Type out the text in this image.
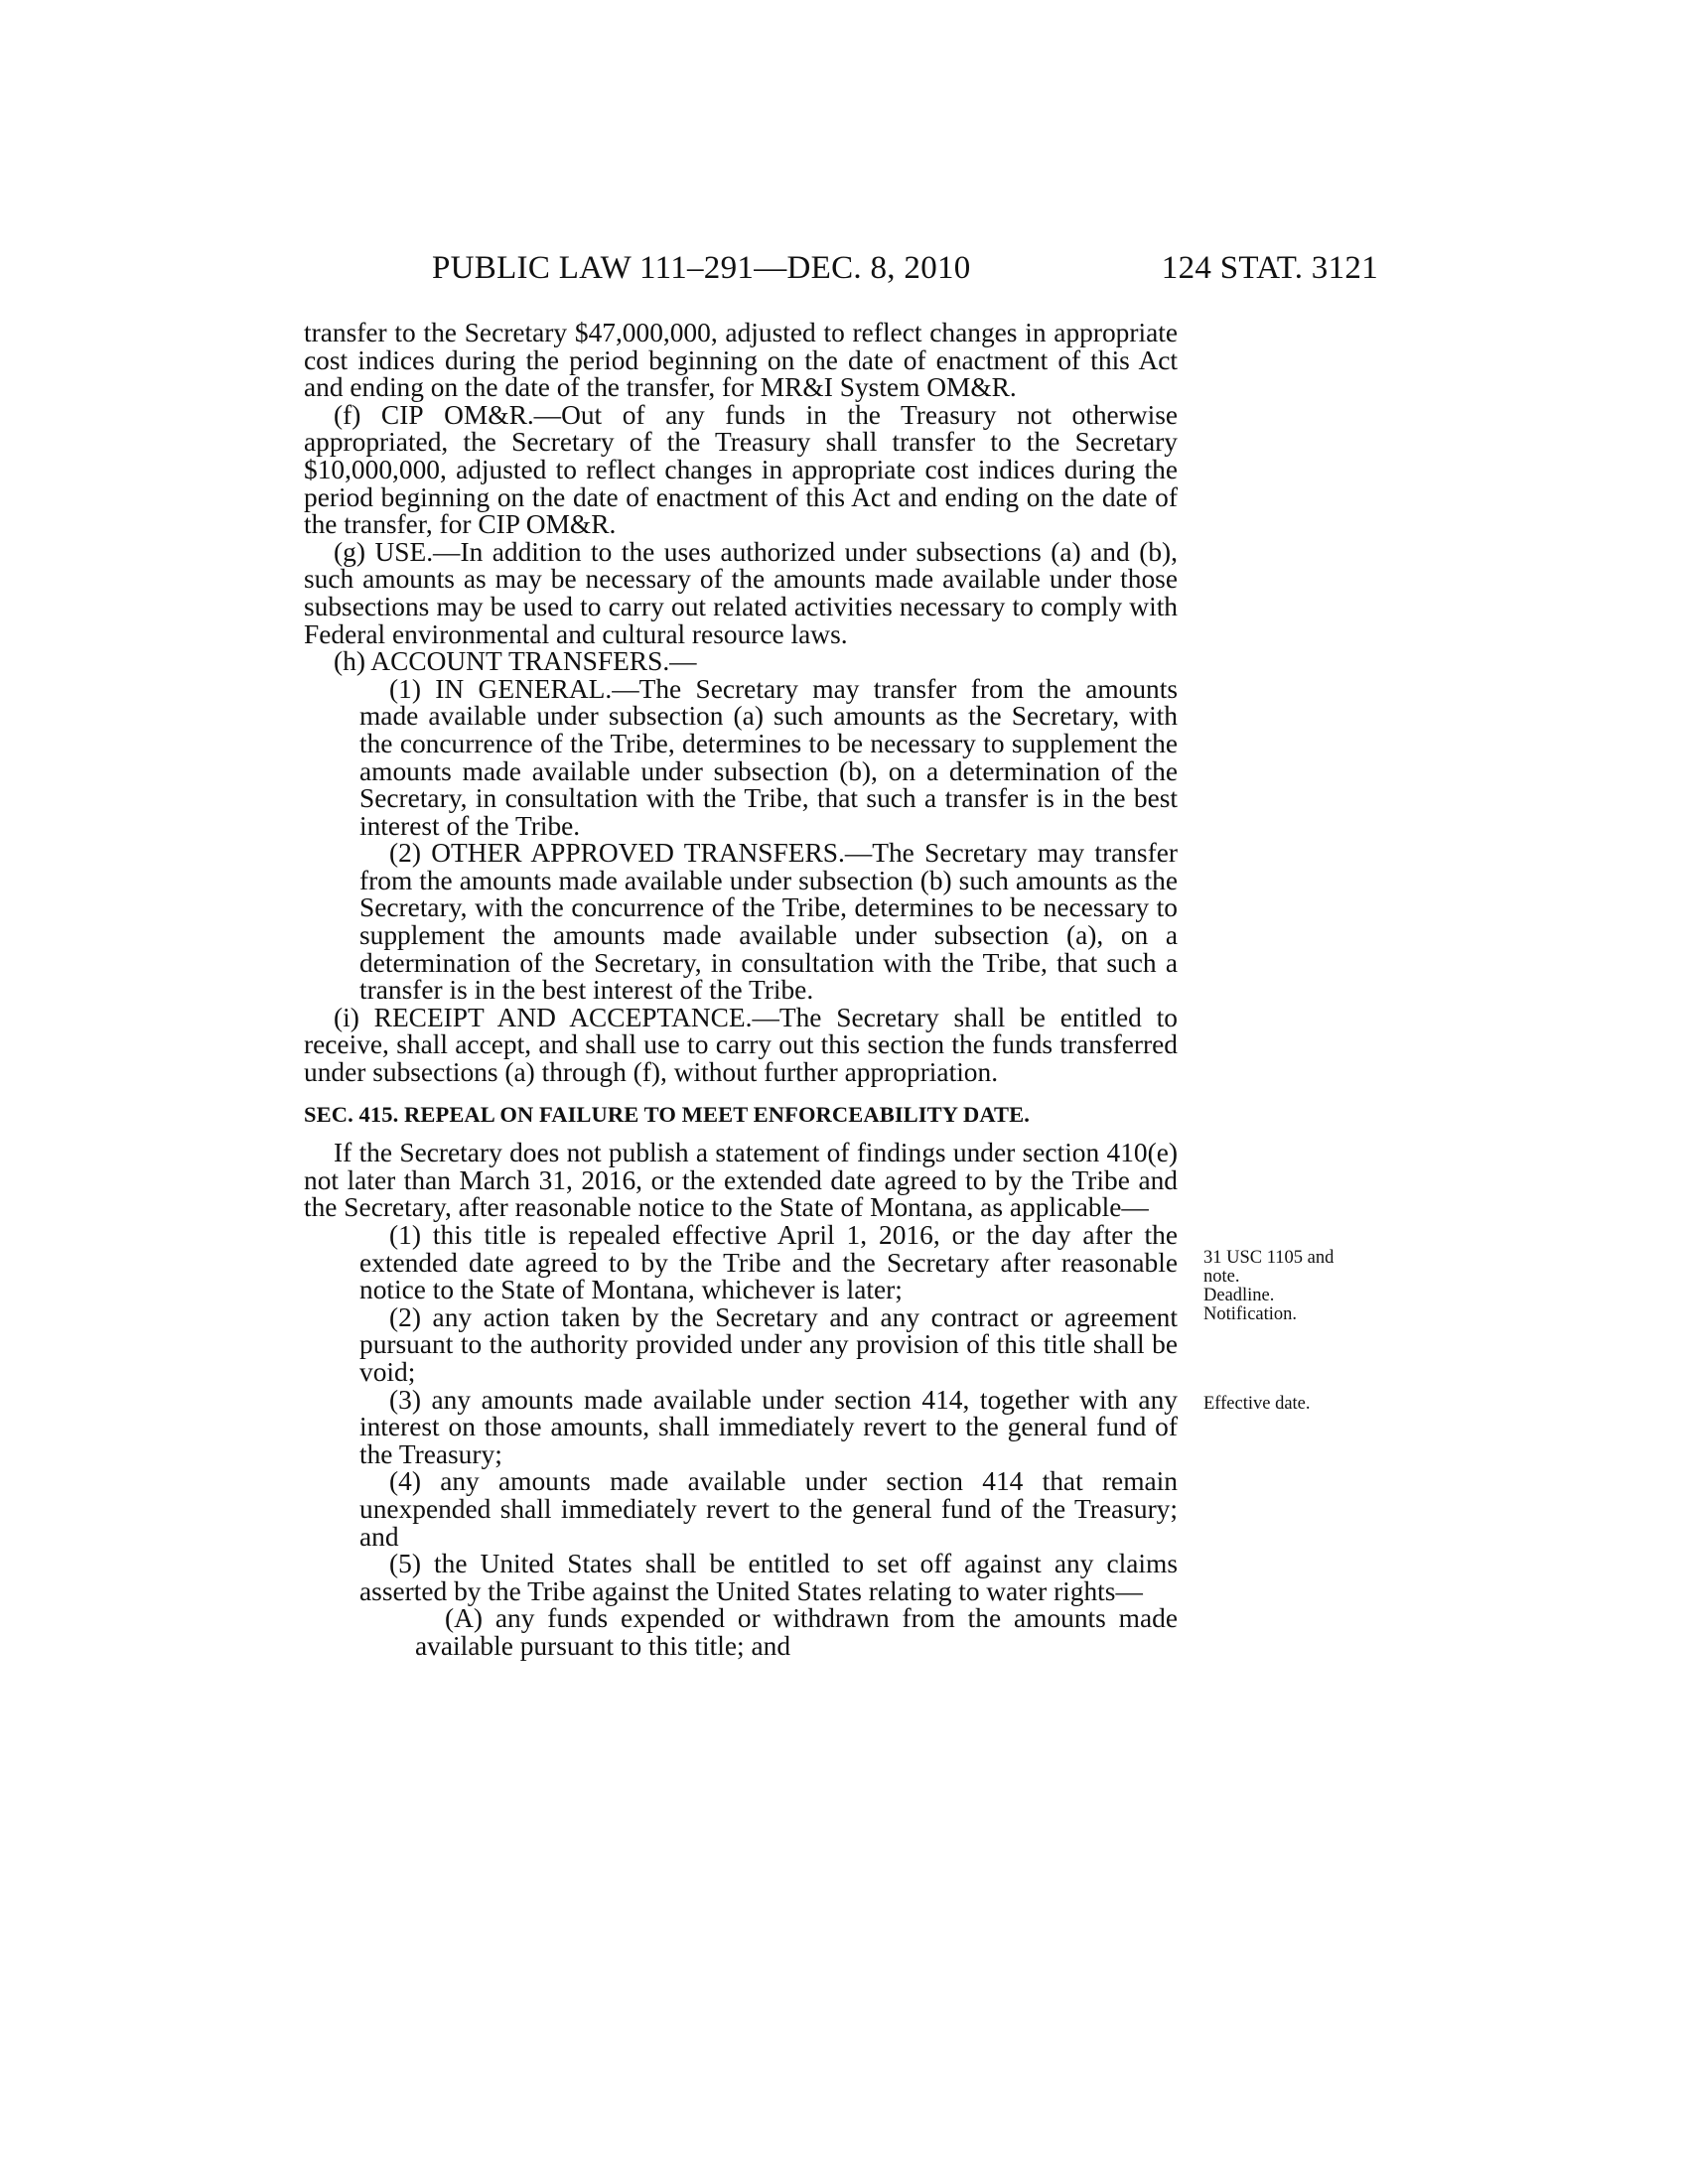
PUBLIC LAW 111–291—DEC. 8, 2010	124 STAT. 3121

transfer to the Secretary $47,000,000, adjusted to reflect changes in appropriate cost indices during the period beginning on the date of enactment of this Act and ending on the date of the transfer, for MR&I System OM&R.

(f) CIP OM&R.—Out of any funds in the Treasury not otherwise appropriated, the Secretary of the Treasury shall transfer to the Secretary $10,000,000, adjusted to reflect changes in appropriate cost indices during the period beginning on the date of enactment of this Act and ending on the date of the transfer, for CIP OM&R.

(g) USE.—In addition to the uses authorized under subsections (a) and (b), such amounts as may be necessary of the amounts made available under those subsections may be used to carry out related activities necessary to comply with Federal environmental and cultural resource laws.

(h) ACCOUNT TRANSFERS.—

(1) IN GENERAL.—The Secretary may transfer from the amounts made available under subsection (a) such amounts as the Secretary, with the concurrence of the Tribe, determines to be necessary to supplement the amounts made available under subsection (b), on a determination of the Secretary, in consultation with the Tribe, that such a transfer is in the best interest of the Tribe.

(2) OTHER APPROVED TRANSFERS.—The Secretary may transfer from the amounts made available under subsection (b) such amounts as the Secretary, with the concurrence of the Tribe, determines to be necessary to supplement the amounts made available under subsection (a), on a determination of the Secretary, in consultation with the Tribe, that such a transfer is in the best interest of the Tribe.

(i) RECEIPT AND ACCEPTANCE.—The Secretary shall be entitled to receive, shall accept, and shall use to carry out this section the funds transferred under subsections (a) through (f), without further appropriation.

SEC. 415. REPEAL ON FAILURE TO MEET ENFORCEABILITY DATE.

If the Secretary does not publish a statement of findings under section 410(e) not later than March 31, 2016, or the extended date agreed to by the Tribe and the Secretary, after reasonable notice to the State of Montana, as applicable—

(1) this title is repealed effective April 1, 2016, or the day after the extended date agreed to by the Tribe and the Secretary after reasonable notice to the State of Montana, whichever is later;

(2) any action taken by the Secretary and any contract or agreement pursuant to the authority provided under any provision of this title shall be void;

(3) any amounts made available under section 414, together with any interest on those amounts, shall immediately revert to the general fund of the Treasury;

(4) any amounts made available under section 414 that remain unexpended shall immediately revert to the general fund of the Treasury; and

(5) the United States shall be entitled to set off against any claims asserted by the Tribe against the United States relating to water rights—

(A) any funds expended or withdrawn from the amounts made available pursuant to this title; and

31 USC 1105 and
note.
Deadline.
Notification.
Effective date.
